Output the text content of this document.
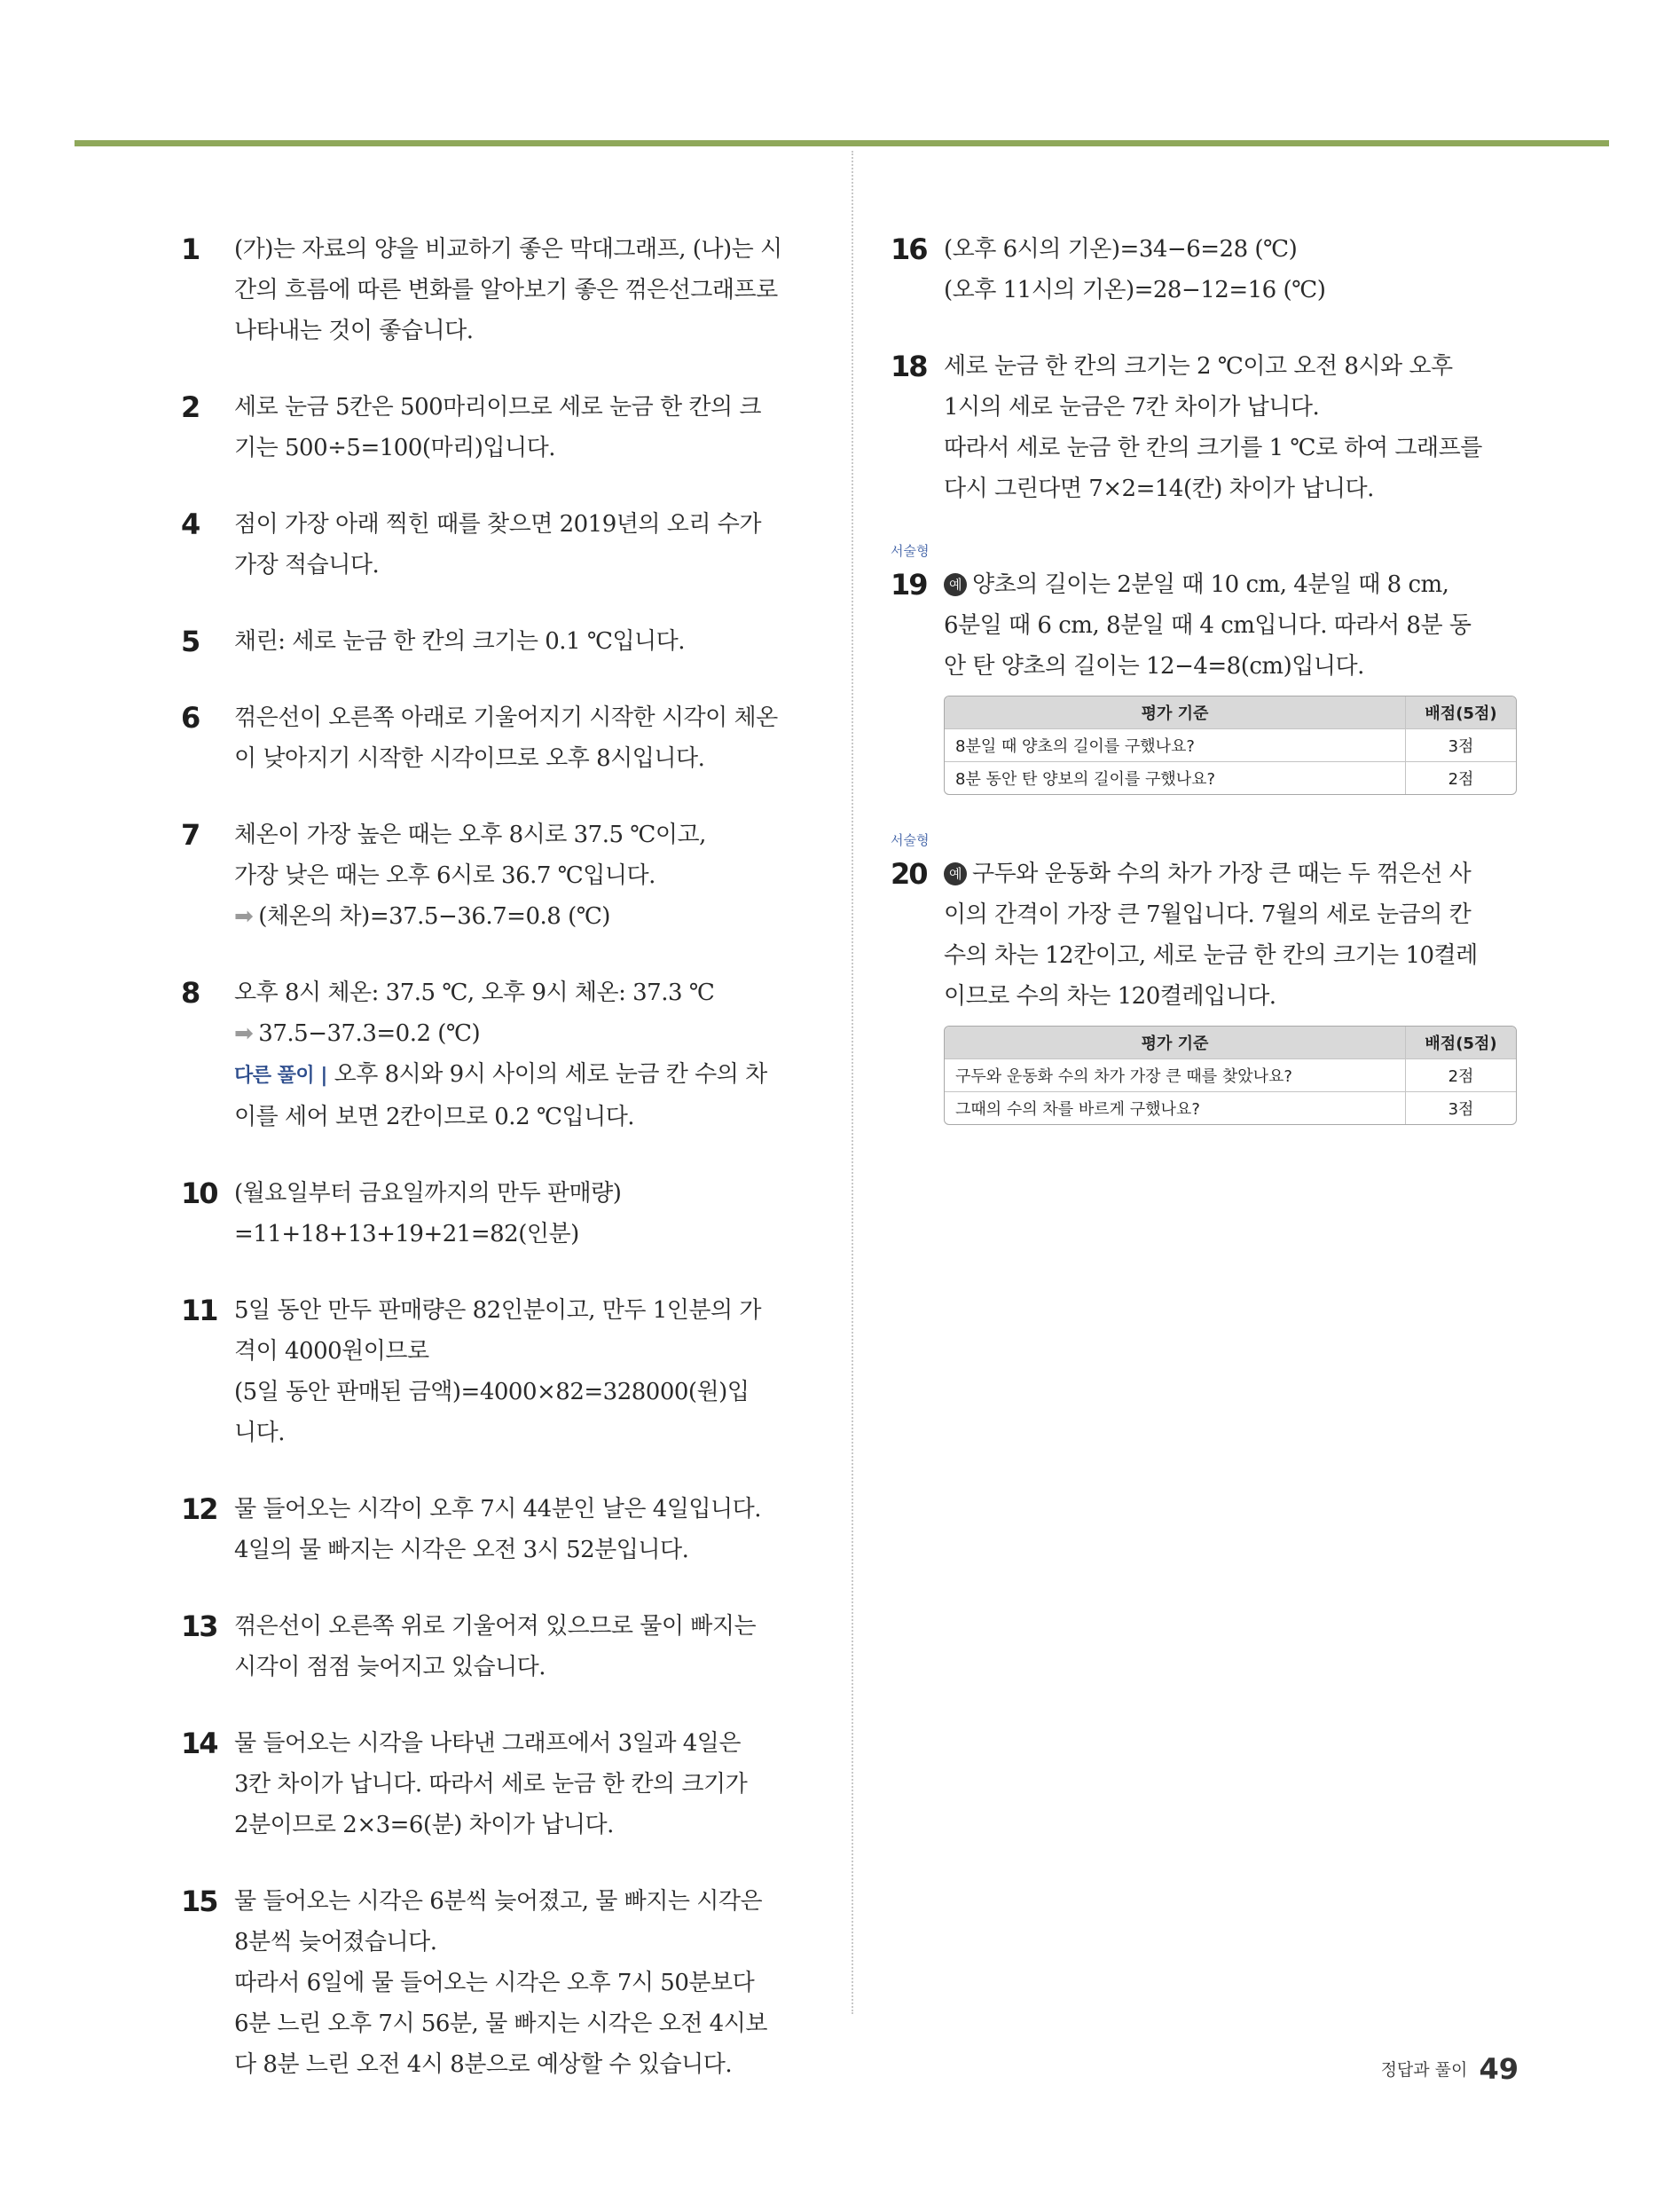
1 (가)는 자료의 양을 비교하기 좋은 막대그래프, (나)는 시
간의 흐름에 따른 변화를 알아보기 좋은 꺾은선그래프로
나타내는 것이 좋습니다.
2 세로 눈금 5칸은 500마리이므로 세로 눈금 한 칸의 크
기는 500÷5=100(마리)입니다.
4 점이 가장 아래 찍힌 때를 찾으면 2019년의 오리 수가
가장 적습니다.
5 채린: 세로 눈금 한 칸의 크기는 0.1 ℃입니다.
6 꺾은선이 오른쪽 아래로 기울어지기 시작한 시각이 체온
이 낮아지기 시작한 시각이므로 오후 8시입니다.
7 체온이 가장 높은 때는 오후 8시로 37.5 ℃이고,
가장 낮은 때는 오후 6시로 36.7 ℃입니다.
➡ (체온의 차)=37.5−36.7=0.8 (℃)
8 오후 8시 체온: 37.5 ℃, 오후 9시 체온: 37.3 ℃
➡ 37.5−37.3=0.2 (℃)
다른 풀이 | 오후 8시와 9시 사이의 세로 눈금 칸 수의 차
이를 세어 보면 2칸이므로 0.2 ℃입니다.
10 (월요일부터 금요일까지의 만두 판매량)
=11+18+13+19+21=82(인분)
11 5일 동안 만두 판매량은 82인분이고, 만두 1인분의 가
격이 4000원이므로
(5일 동안 판매된 금액)=4000×82=328000(원)입
니다.
12 물 들어오는 시각이 오후 7시 44분인 날은 4일입니다.
4일의 물 빠지는 시각은 오전 3시 52분입니다.
13 꺾은선이 오른쪽 위로 기울어져 있으므로 물이 빠지는
시각이 점점 늦어지고 있습니다.
14 물 들어오는 시각을 나타낸 그래프에서 3일과 4일은
3칸 차이가 납니다. 따라서 세로 눈금 한 칸의 크기가
2분이므로 2×3=6(분) 차이가 납니다.
15 물 들어오는 시각은 6분씩 늦어졌고, 물 빠지는 시각은
8분씩 늦어졌습니다.
따라서 6일에 물 들어오는 시각은 오후 7시 50분보다
6분 느린 오후 7시 56분, 물 빠지는 시각은 오전 4시보
다 8분 느린 오전 4시 8분으로 예상할 수 있습니다.
16 (오후 6시의 기온)=34−6=28 (℃)
(오후 11시의 기온)=28−12=16 (℃)
18 세로 눈금 한 칸의 크기는 2 ℃이고 오전 8시와 오후
1시의 세로 눈금은 7칸 차이가 납니다.
따라서 세로 눈금 한 칸의 크기를 1 ℃로 하여 그래프를
다시 그린다면 7×2=14(칸) 차이가 납니다.
서술형
19	예 양초의 길이는 2분일 때 10 cm, 4분일 때 8 cm,
6분일 때 6 cm, 8분일 때 4 cm입니다. 따라서 8분 동
안 탄 양초의 길이는 12−4=8(cm)입니다.
평가 기준	배점(5점)
8분일 때 양초의 길이를 구했나요?	3점
8분 동안 탄 양보의 길이를 구했나요?	2점
서술형
20	예 구두와 운동화 수의 차가 가장 큰 때는 두 꺾은선 사
이의 간격이 가장 큰 7월입니다. 7월의 세로 눈금의 칸
수의 차는 12칸이고, 세로 눈금 한 칸의 크기는 10켤레
이므로 수의 차는 120켤레입니다.
평가 기준	배점(5점)
구두와 운동화 수의 차가 가장 큰 때를 찾았나요?	2점
그때의 수의 차를 바르게 구했나요?	3점
정답과 풀이 49
